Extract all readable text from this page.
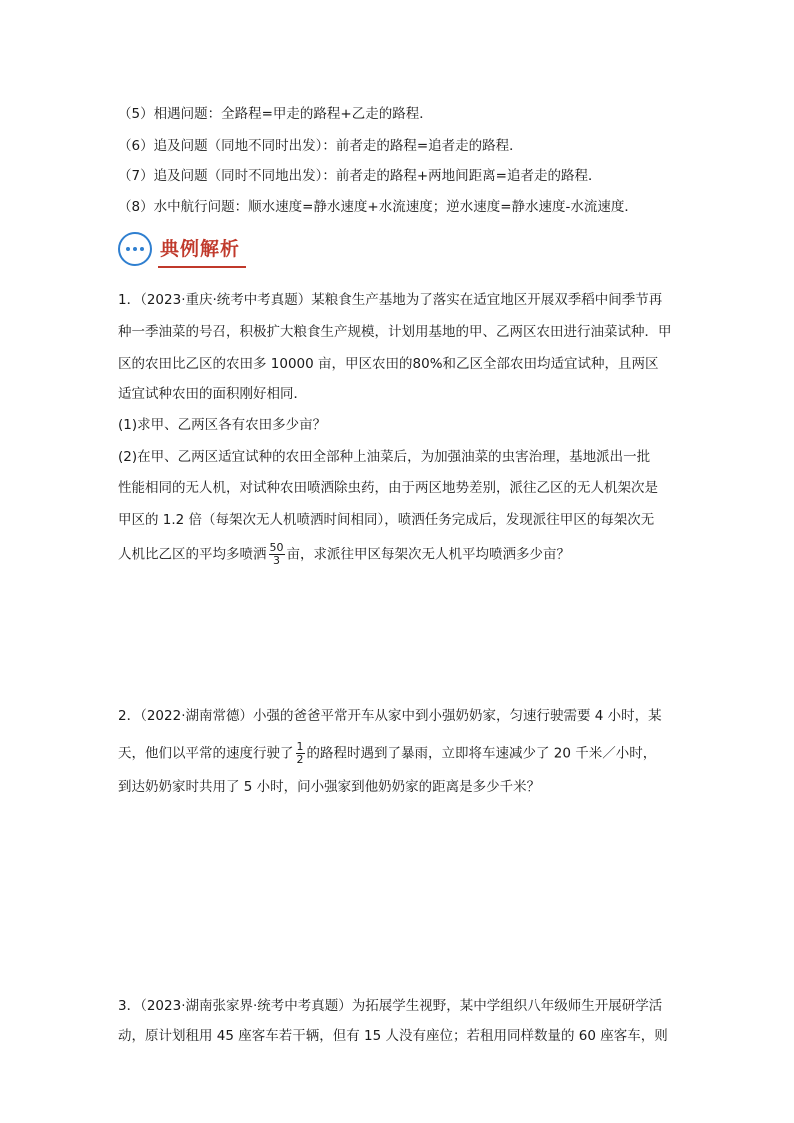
（5）相遇问题：全路程=甲走的路程+乙走的路程．
（6）追及问题（同地不同时出发）：前者走的路程=追者走的路程．
（7）追及问题（同时不同地出发）：前者走的路程+两地间距离=追者走的路程．
（8）水中航行问题：顺水速度=静水速度+水流速度；逆水速度=静水速度-水流速度．
典例解析
1．（2023·重庆·统考中考真题）某粮食生产基地为了落实在适宜地区开展双季稻中间季节再
种一季油菜的号召，积极扩大粮食生产规模，计划用基地的甲、乙两区农田进行油菜试种．甲
区的农田比乙区的农田多 10000 亩，甲区农田的80%和乙区全部农田均适宜试种，且两区
适宜试种农田的面积刚好相同．
(1)求甲、乙两区各有农田多少亩？
(2)在甲、乙两区适宜试种的农田全部种上油菜后，为加强油菜的虫害治理，基地派出一批
性能相同的无人机，对试种农田喷洒除虫药，由于两区地势差别，派往乙区的无人机架次是
甲区的 1.2 倍（每架次无人机喷洒时间相同），喷洒任务完成后，发现派往甲区的每架次无
人机比乙区的平均多喷洒 $\frac{50}{3}$ 亩，求派往甲区每架次无人机平均喷洒多少亩？
2．（2022·湖南常德）小强的爸爸平常开车从家中到小强奶奶家，匀速行驶需要 4 小时，某
天，他们以平常的速度行驶了 $\frac{1}{2}$ 的路程时遇到了暴雨，立即将车速减少了 20 千米／小时，
到达奶奶家时共用了 5 小时，问小强家到他奶奶家的距离是多少千米？
3．（2023·湖南张家界·统考中考真题）为拓展学生视野，某中学组织八年级师生开展研学活
动，原计划租用 45 座客车若干辆，但有 15 人没有座位；若租用同样数量的 60 座客车，则
